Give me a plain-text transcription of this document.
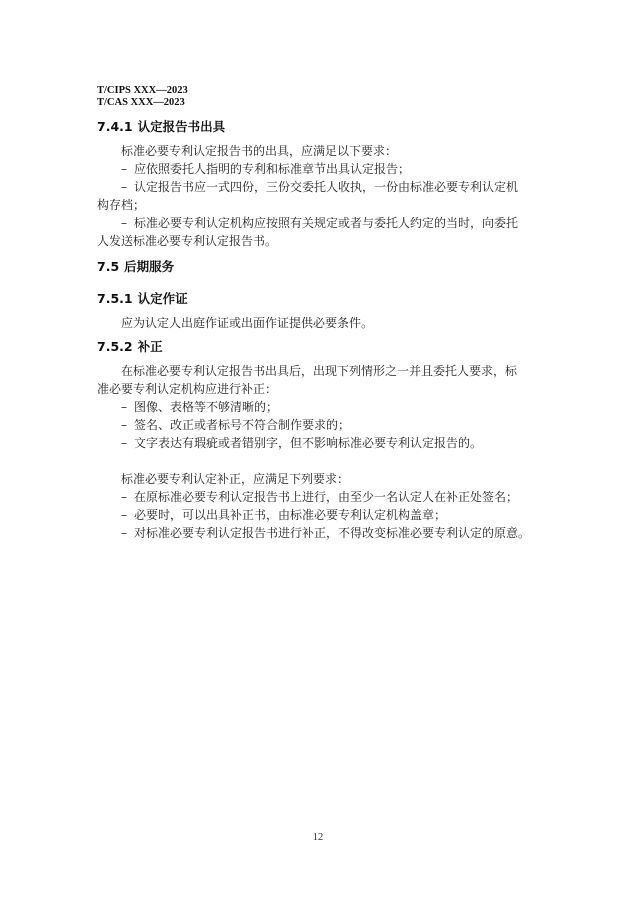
T/CIPS XXX—2023
T/CAS XXX—2023
7.4.1 认定报告书出具

标准必要专利认定报告书的出具，应满足以下要求：

– 应依照委托人指明的专利和标准章节出具认定报告；

– 认定报告书应一式四份，三份交委托人收执，一份由标准必要专利认定机

构存档；

– 标准必要专利认定机构应按照有关规定或者与委托人约定的当时，向委托

人发送标准必要专利认定报告书。

7.5 后期服务
7.5.1 认定作证

应为认定人出庭作证或出面作证提供必要条件。

7.5.2 补正

在标准必要专利认定报告书出具后，出现下列情形之一并且委托人要求，标

准必要专利认定机构应进行补正：

– 图像、表格等不够清晰的；

– 签名、改正或者标号不符合制作要求的；

– 文字表达有瑕疵或者错别字，但不影响标准必要专利认定报告的。

标准必要专利认定补正，应满足下列要求：

– 在原标准必要专利认定报告书上进行，由至少一名认定人在补正处签名；

– 必要时，可以出具补正书，由标准必要专利认定机构盖章；

– 对标准必要专利认定报告书进行补正，不得改变标准必要专利认定的原意。

12
